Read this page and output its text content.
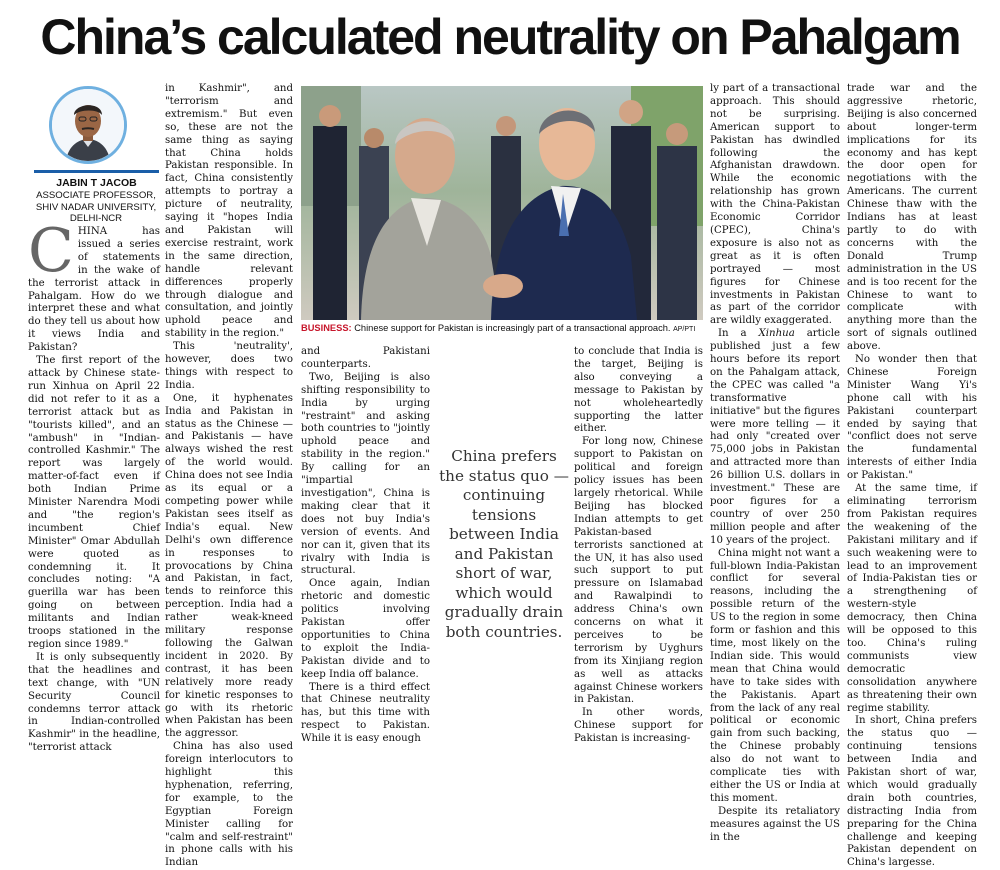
China’s calculated neutrality on Pahalgam
JABIN T JACOB
ASSOCIATE PROFESSOR, SHIV NADAR UNIVERSITY, DELHI-NCR

CHINA has issued a series of statements in the wake of the terrorist attack in Pahalgam. How do we interpret these and what do they tell us about how it views India and Pakistan?

The first report of the attack by Chinese state-run Xinhua on April 22 did not refer to it as a terrorist attack but as "tourists killed", and an "ambush" in "Indian-controlled Kashmir." The report was largely matter-of-fact even if both Indian Prime Minister Narendra Modi and "the region's incumbent Chief Minister" Omar Abdullah were quoted as condemning it. It concludes noting: "A guerilla war has been going on between militants and Indian troops stationed in the region since 1989."

It is only subsequently that the headlines and text change, with "UN Security Council condemns terror attack in Indian-controlled Kashmir" in the headline, "terrorist attack

in Kashmir", and "terrorism and extremism." But even so, these are not the same thing as saying that China holds Pakistan responsible. In fact, China consistently attempts to portray a picture of neutrality, saying it "hopes India and Pakistan will exercise restraint, work in the same direction, handle relevant differences properly through dialogue and consultation, and jointly uphold peace and stability in the region."

This 'neutrality', however, does two things with respect to India.

One, it hyphenates India and Pakistan in status as the Chinese — and Pakistanis — have always wished the rest of the world would. China does not see India as its equal or a competing power while Pakistan sees itself as India's equal. New Delhi's own difference in responses to provocations by China and Pakistan, in fact, tends to reinforce this perception. India had a rather weak-kneed military response following the Galwan incident in 2020. By contrast, it has been relatively more ready for kinetic responses to go with its rhetoric when Pakistan has been the aggressor.

China has also used foreign interlocutors to highlight this hyphenation, referring, for example, to the Egyptian Foreign Minister calling for "calm and self-restraint" in phone calls with his Indian

BUSINESS: Chinese support for Pakistan is increasingly part of a transactional approach. AP/PTI

and Pakistani counterparts.

Two, Beijing is also shifting responsibility to India by urging "restraint" and asking both countries to "jointly uphold peace and stability in the region." By calling for an "impartial investigation", China is making clear that it does not buy India's version of events. And nor can it, given that its rivalry with India is structural.

Once again, Indian rhetoric and domestic politics involving Pakistan offer opportunities to China to exploit the India-Pakistan divide and to keep India off balance.

There is a third effect that Chinese neutrality has, but this time with respect to Pakistan. While it is easy enough

China prefers the status quo — continuing tensions between India and Pakistan short of war, which would gradually drain both countries.

to conclude that India is the target, Beijing is also conveying a message to Pakistan by not wholeheartedly supporting the latter either.

For long now, Chinese support to Pakistan on political and foreign policy issues has been largely rhetorical. While Beijing has blocked Indian attempts to get Pakistan-based terrorists sanctioned at the UN, it has also used such support to put pressure on Islamabad and Rawalpindi to address China's own concerns on what it perceives to be terrorism by Uyghurs from its Xinjiang region as well as attacks against Chinese workers in Pakistan.

In other words, Chinese support for Pakistan is increasing-

ly part of a transactional approach. This should not be surprising. American support to Pakistan has dwindled following the Afghanistan drawdown. While the economic relationship has grown with the China-Pakistan Economic Corridor (CPEC), China's exposure is also not as great as it is often portrayed — most figures for Chinese investments in Pakistan as part of the corridor are wildly exaggerated.

In a Xinhua article published just a few hours before its report on the Pahalgam attack, the CPEC was called "a transformative initiative" but the figures were more telling — it had only "created over 75,000 jobs in Pakistan and attracted more than 26 billion U.S. dollars in investment." These are poor figures for a country of over 250 million people and after 10 years of the project.

China might not want a full-blown India-Pakistan conflict for several reasons, including the possible return of the US to the region in some form or fashion and this time, most likely on the Indian side. This would mean that China would have to take sides with the Pakistanis. Apart from the lack of any real political or economic gain from such backing, the Chinese probably also do not want to complicate ties with either the US or India at this moment.

Despite its retaliatory measures against the US in the

trade war and the aggressive rhetoric, Beijing is also concerned about longer-term implications for its economy and has kept the door open for negotiations with the Americans. The current Chinese thaw with the Indians has at least partly to do with concerns with the Donald Trump administration in the US and is too recent for the Chinese to want to complicate with anything more than the sort of signals outlined above.

No wonder then that Chinese Foreign Minister Wang Yi's phone call with his Pakistani counterpart ended by saying that "conflict does not serve the fundamental interests of either India or Pakistan."

At the same time, if eliminating terrorism from Pakistan requires the weakening of the Pakistani military and if such weakening were to lead to an improvement of India-Pakistan ties or a strengthening of western-style democracy, then China will be opposed to this too. China's ruling communists view democratic consolidation anywhere as threatening their own regime stability.

In short, China prefers the status quo — continuing tensions between India and Pakistan short of war, which would gradually drain both countries, distracting India from preparing for the China challenge and keeping Pakistan dependent on China's largesse.
